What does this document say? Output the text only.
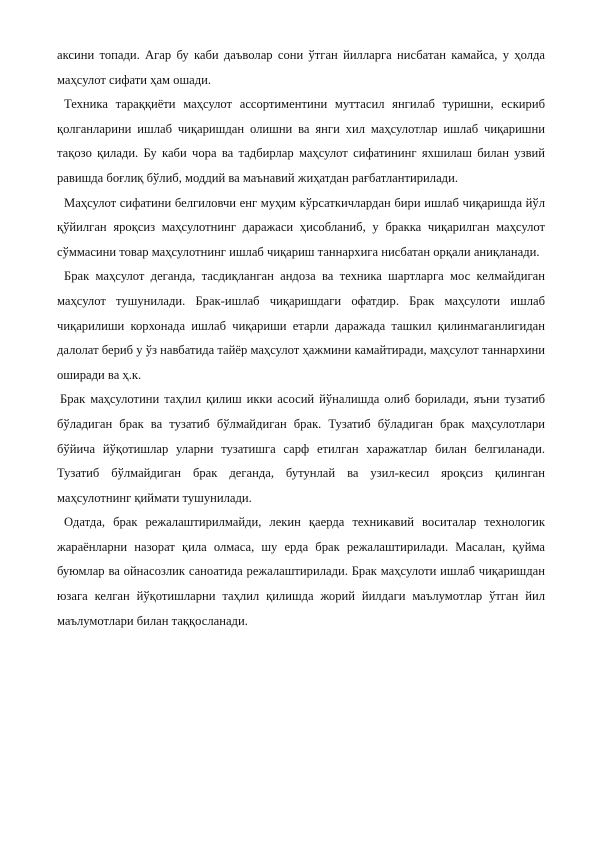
аксини топади. Агар бу каби даъволар сони ўтган йилларга нисбатан камайса, у ҳолда маҳсулот сифати ҳам ошади.

Техника тараққиёти маҳсулот ассортиментини муттасил янгилаб туришни, ескириб қолганларини ишлаб чиқаришдан олишни ва янги хил маҳсулотлар ишлаб чиқаришни тақозо қилади. Бу каби чора ва тадбирлар маҳсулот сифатининг яхшилаш билан узвий равишда боғлиқ бўлиб, моддий ва маънавий жиҳатдан рағбатлантирилади.

Маҳсулот сифатини белгиловчи енг муҳим кўрсаткичлардан бири ишлаб чиқаришда йўл қўйилган яроқсиз маҳсулотнинг даражаси ҳисобланиб, у бракка чиқарилган маҳсулот сўммасини товар маҳсулотнинг ишлаб чиқариш таннархига нисбатан орқали аниқланади.

Брак маҳсулот деганда, тасдиқланган андоза ва техника шартларга мос келмайдиган маҳсулот тушунилади. Брак-ишлаб чиқаришдаги офатдир. Брак маҳсулоти ишлаб чиқарилиши корхонада ишлаб чиқариши етарли даражада ташкил қилинмаганлигидан далолат бериб у ўз навбатида тайёр маҳсулот ҳажмини камайтиради, маҳсулот таннархини оширади ва ҳ.к.

Брак маҳсулотини таҳлил қилиш икки асосий йўналишда олиб борилади, яъни тузатиб бўладиган брак ва тузатиб бўлмайдиган брак. Тузатиб бўладиган брак маҳсулотлари бўйича йўқотишлар уларни тузатишга сарф етилган харажатлар билан белгиланади. Тузатиб бўлмайдиган брак деганда, бутунлай ва узил-кесил яроқсиз қилинган маҳсулотнинг қиймати тушунилади.

Одатда, брак режалаштирилмайди, лекин қаерда техникавий воситалар технологик жараёнларни назорат қила олмаса, шу ерда брак режалаштирилади. Масалан, қуйма буюмлар ва ойнасозлик саноатида режалаштирилади. Брак маҳсулоти ишлаб чиқаришдан юзага келган йўқотишларни таҳлил қилишда жорий йилдаги маълумотлар ўтган йил маълумотлари билан таққосланади.
